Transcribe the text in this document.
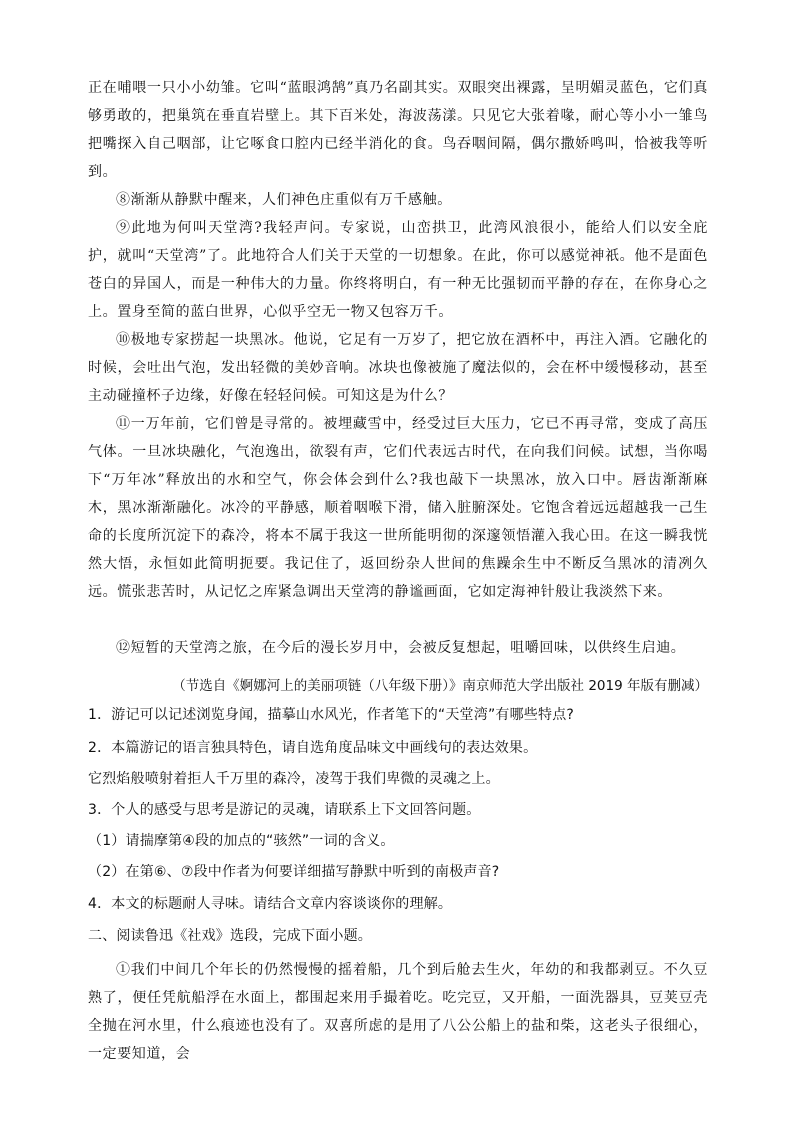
正在哺喂一只小小幼雏。它叫“蓝眼鸿鹄”真乃名副其实。双眼突出裸露，呈明媚灵蓝色，它们真够勇敢的，把巢筑在垂直岩壁上。其下百米处，海波荡漾。只见它大张着喙，耐心等小小一雏鸟把嘴探入自己咽部，让它啄食口腔内已经半消化的食。鸟吞咽间隔，偶尔撒娇鸣叫，恰被我等听到。

⑧渐渐从静默中醒来，人们神色庄重似有万千感触。

⑨此地为何叫天堂湾?我轻声问。专家说，山峦拱卫，此湾风浪很小，能给人们以安全庇护，就叫“天堂湾”了。此地符合人们关于天堂的一切想象。在此，你可以感觉神祇。他不是面色苍白的异国人，而是一种伟大的力量。你终将明白，有一种无比强韧而平静的存在，在你身心之上。置身至简的蓝白世界，心似乎空无一物又包容万千。

⑩极地专家捞起一块黑冰。他说，它足有一万岁了，把它放在酒杯中，再注入酒。它融化的时候，会吐出气泡，发出轻微的美妙音响。冰块也像被施了魔法似的，会在杯中缓慢移动，甚至主动碰撞杯子边缘，好像在轻轻问候。可知这是为什么？

⑪一万年前，它们曾是寻常的。被埋藏雪中，经受过巨大压力，它已不再寻常，变成了高压气体。一旦冰块融化，气泡逸出，欲裂有声，它们代表远古时代，在向我们问候。试想，当你喝下“万年冰”释放出的水和空气，你会体会到什么?我也敲下一块黑冰，放入口中。唇齿渐渐麻木，黑冰渐渐融化。冰冷的平静感，顺着咽喉下滑，储入脏腑深处。它饱含着远远超越我一己生命的长度所沉淀下的森冷，将本不属于我这一世所能明彻的深邃领悟灌入我心田。在这一瞬我恍然大悟，永恒如此简明扼要。我记住了，返回纷杂人世间的焦躁余生中不断反刍黑冰的清冽久远。慌张悲苦时，从记忆之库紧急调出天堂湾的静谧画面，它如定海神针般让我淡然下来。

⑫短暂的天堂湾之旅，在今后的漫长岁月中，会被反复想起，咀嚼回味，以供终生启迪。

（节选自《婀娜河上的美丽项链（八年级下册）》南京师范大学出版社 2019 年版有删减）

1．游记可以记述浏览身闻，描摹山水风光，作者笔下的“天堂湾”有哪些特点?

2．本篇游记的语言独具特色，请自选角度品味文中画线句的表达效果。

它烈焰般喷射着拒人千万里的森冷，凌驾于我们卑微的灵魂之上。

3．个人的感受与思考是游记的灵魂，请联系上下文回答问题。

（1）请揣摩第④段的加点的“骇然”一词的含义。

（2）在第⑥、⑦段中作者为何要详细描写静默中听到的南极声音?

4．本文的标题耐人寻味。请结合文章内容谈谈你的理解。

二、阅读鲁迅《社戏》选段，完成下面小题。

①我们中间几个年长的仍然慢慢的摇着船，几个到后舱去生火，年幼的和我都剥豆。不久豆熟了，便任凭航船浮在水面上，都围起来用手撮着吃。吃完豆，又开船，一面洗器具，豆荚豆壳全抛在河水里，什么痕迹也没有了。双喜所虑的是用了八公公船上的盐和柴，这老头子很细心，一定要知道，会
